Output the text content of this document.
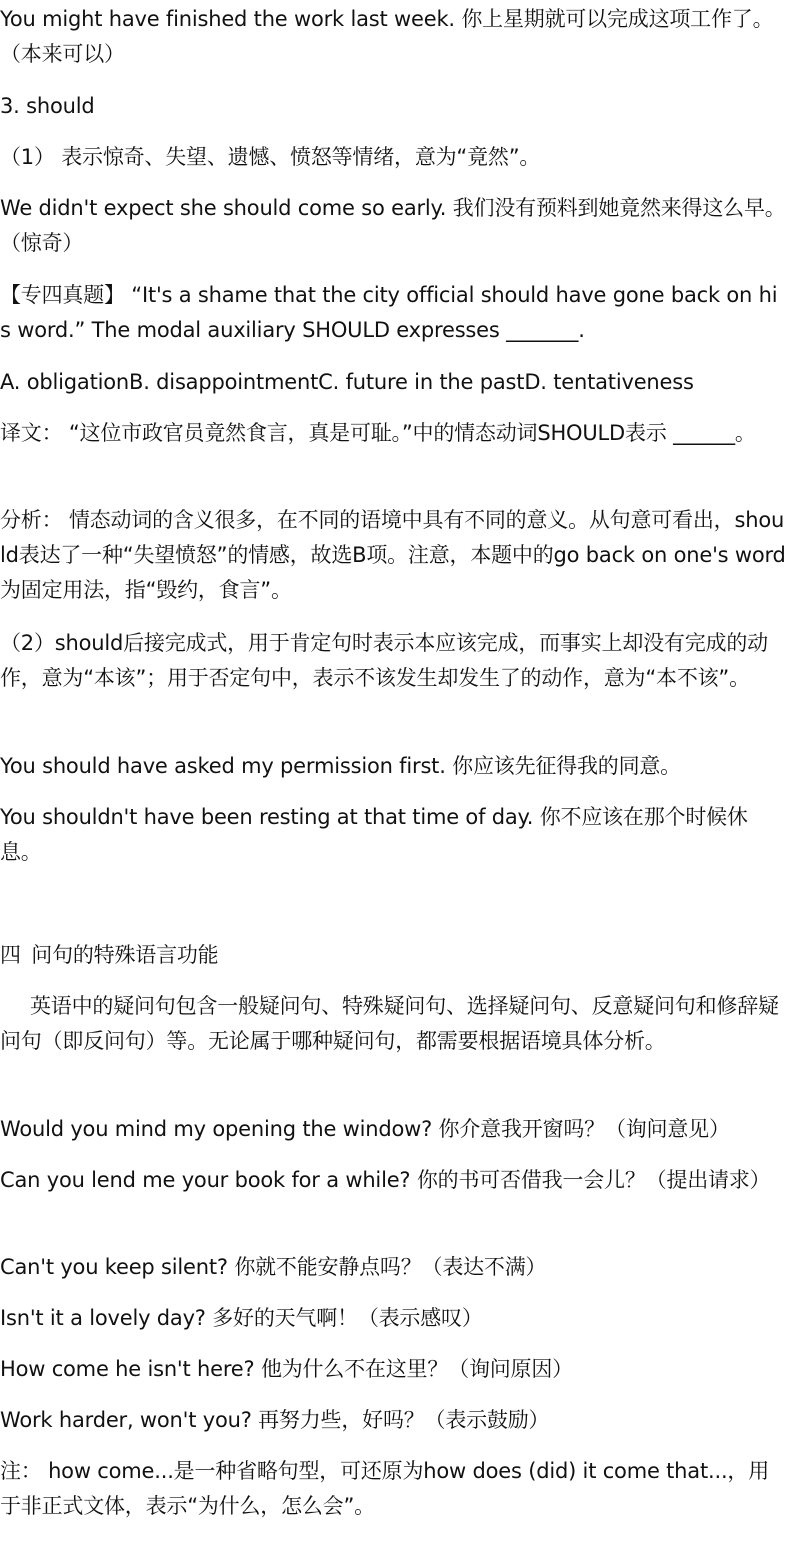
You might have finished the work last week. 你上星期就可以完成这项工作了。（本来可以）
3. should
（1） 表示惊奇、失望、遗憾、愤怒等情绪，意为“竟然”。
We didn't expect she should come so early. 我们没有预料到她竟然来得这么早。（惊奇）
【专四真题】 “It's a shame that the city official should have gone back on his word.” The modal auxiliary SHOULD expresses _______.
A. obligationB. disappointmentC. future in the pastD. tentativeness
译文： “这位市政官员竟然食言，真是可耻。”中的情态动词SHOULD表示 ______。
分析： 情态动词的含义很多，在不同的语境中具有不同的意义。从句意可看出，should表达了一种“失望愤怒”的情感，故选B项。注意，本题中的go back on one's word为固定用法，指“毁约，食言”。
（2）should后接完成式，用于肯定句时表示本应该完成，而事实上却没有完成的动作，意为“本该”；用于否定句中，表示不该发生却发生了的动作，意为“本不该”。
You should have asked my permission first. 你应该先征得我的同意。
You shouldn't have been resting at that time of day. 你不应该在那个时候休息。
四 问句的特殊语言功能
英语中的疑问句包含一般疑问句、特殊疑问句、选择疑问句、反意疑问句和修辞疑问句（即反问句）等。无论属于哪种疑问句，都需要根据语境具体分析。
Would you mind my opening the window? 你介意我开窗吗？（询问意见）
Can you lend me your book for a while? 你的书可否借我一会儿？（提出请求）
Can't you keep silent? 你就不能安静点吗？（表达不满）
Isn't it a lovely day? 多好的天气啊！（表示感叹）
How come he isn't here? 他为什么不在这里？（询问原因）
Work harder, won't you? 再努力些，好吗？（表示鼓励）
注： how come...是一种省略句型，可还原为how does (did) it come that...，用于非正式文体，表示“为什么，怎么会”。
